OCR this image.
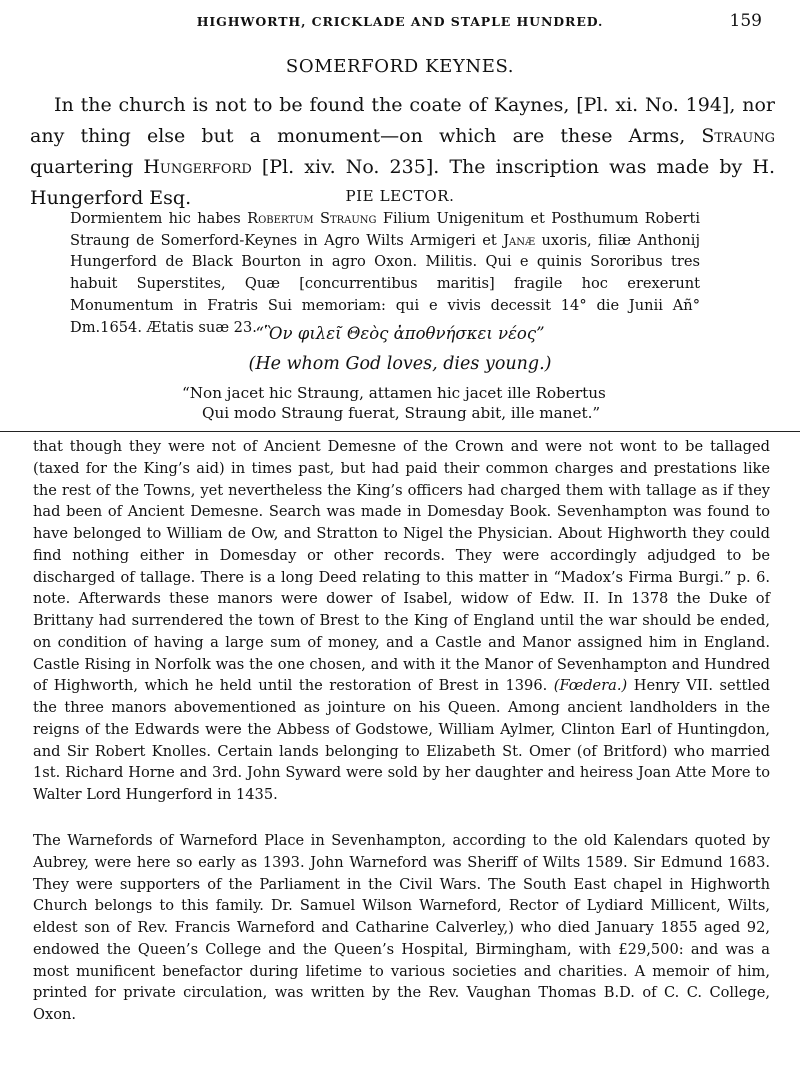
HIGHWORTH, CRICKLADE AND STAPLE HUNDRED.	159
SOMERFORD KEYNES.

In the church is not to be found the coate of Kaynes, [Pl. xi. No. 194], nor any thing else but a monument—on which are these Arms, Straung quartering Hungerford [Pl. xiv. No. 235]. The inscription was made by H. Hungerford Esq.	PIE LECTOR.

Dormientem hic habes Robertum Straung Filium Unigenitum et Posthumum Roberti Straung de Somerford-Keynes in Agro Wilts Armigeri et Janæ uxoris, filiæ Anthonij Hungerford de Black Bourton in agro Oxon. Militis. Qui e quinis Sororibus tres habuit Superstites, Quæ [concurrentibus maritis] fragile hoc erexerunt Monumentum in Fratris Sui memoriam: qui e vivis decessit 14° die Junii Añ° Dm.1654. Ætatis suæ 23.

“Ὃν φιλεῖ Θεὸς ἀποθνήσκει νέος”
(He whom God loves, dies young.)
“Non jacet hic Straung, attamen hic jacet ille Robertus
Qui modo Straung fuerat, Straung abit, ille manet.”

that though they were not of Ancient Demesne of the Crown and were not wont to be tallaged (taxed for the King’s aid) in times past, but had paid their common charges and prestations like the rest of the Towns, yet nevertheless the King’s officers had charged them with tallage as if they had been of Ancient Demesne. Search was made in Domesday Book. Sevenhampton was found to have belonged to William de Ow, and Stratton to Nigel the Physician. About Highworth they could find nothing either in Domesday or other records. They were accordingly adjudged to be discharged of tallage. There is a long Deed relating to this matter in “Madox’s Firma Burgi.” p. 6. note. Afterwards these manors were dower of Isabel, widow of Edw. II. In 1378 the Duke of Brittany had surrendered the town of Brest to the King of England until the war should be ended, on condition of having a large sum of money, and a Castle and Manor assigned him in England. Castle Rising in Norfolk was the one chosen, and with it the Manor of Sevenhampton and Hundred of Highworth, which he held until the restoration of Brest in 1396. (Fœdera.) Henry VII. settled the three manors abovementioned as jointure on his Queen. Among ancient landholders in the reigns of the Edwards were the Abbess of Godstowe, William Aylmer, Clinton Earl of Huntingdon, and Sir Robert Knolles. Certain lands belonging to Elizabeth St. Omer (of Britford) who married 1st. Richard Horne and 3rd. John Syward were sold by her daughter and heiress Joan Atte More to Walter Lord Hungerford in 1435.

The Warnefords of Warneford Place in Sevenhampton, according to the old Kalendars quoted by Aubrey, were here so early as 1393. John Warneford was Sheriff of Wilts 1589. Sir Edmund 1683. They were supporters of the Parliament in the Civil Wars. The South East chapel in Highworth Church belongs to this family. Dr. Samuel Wilson Warneford, Rector of Lydiard Millicent, Wilts, eldest son of Rev. Francis Warneford and Catharine Calverley,) who died January 1855 aged 92, endowed the Queen’s College and the Queen’s Hospital, Birmingham, with £29,500: and was a most munificent benefactor during lifetime to various societies and charities. A memoir of him, printed for private circulation, was written by the Rev. Vaughan Thomas B.D. of C. C. College, Oxon.
